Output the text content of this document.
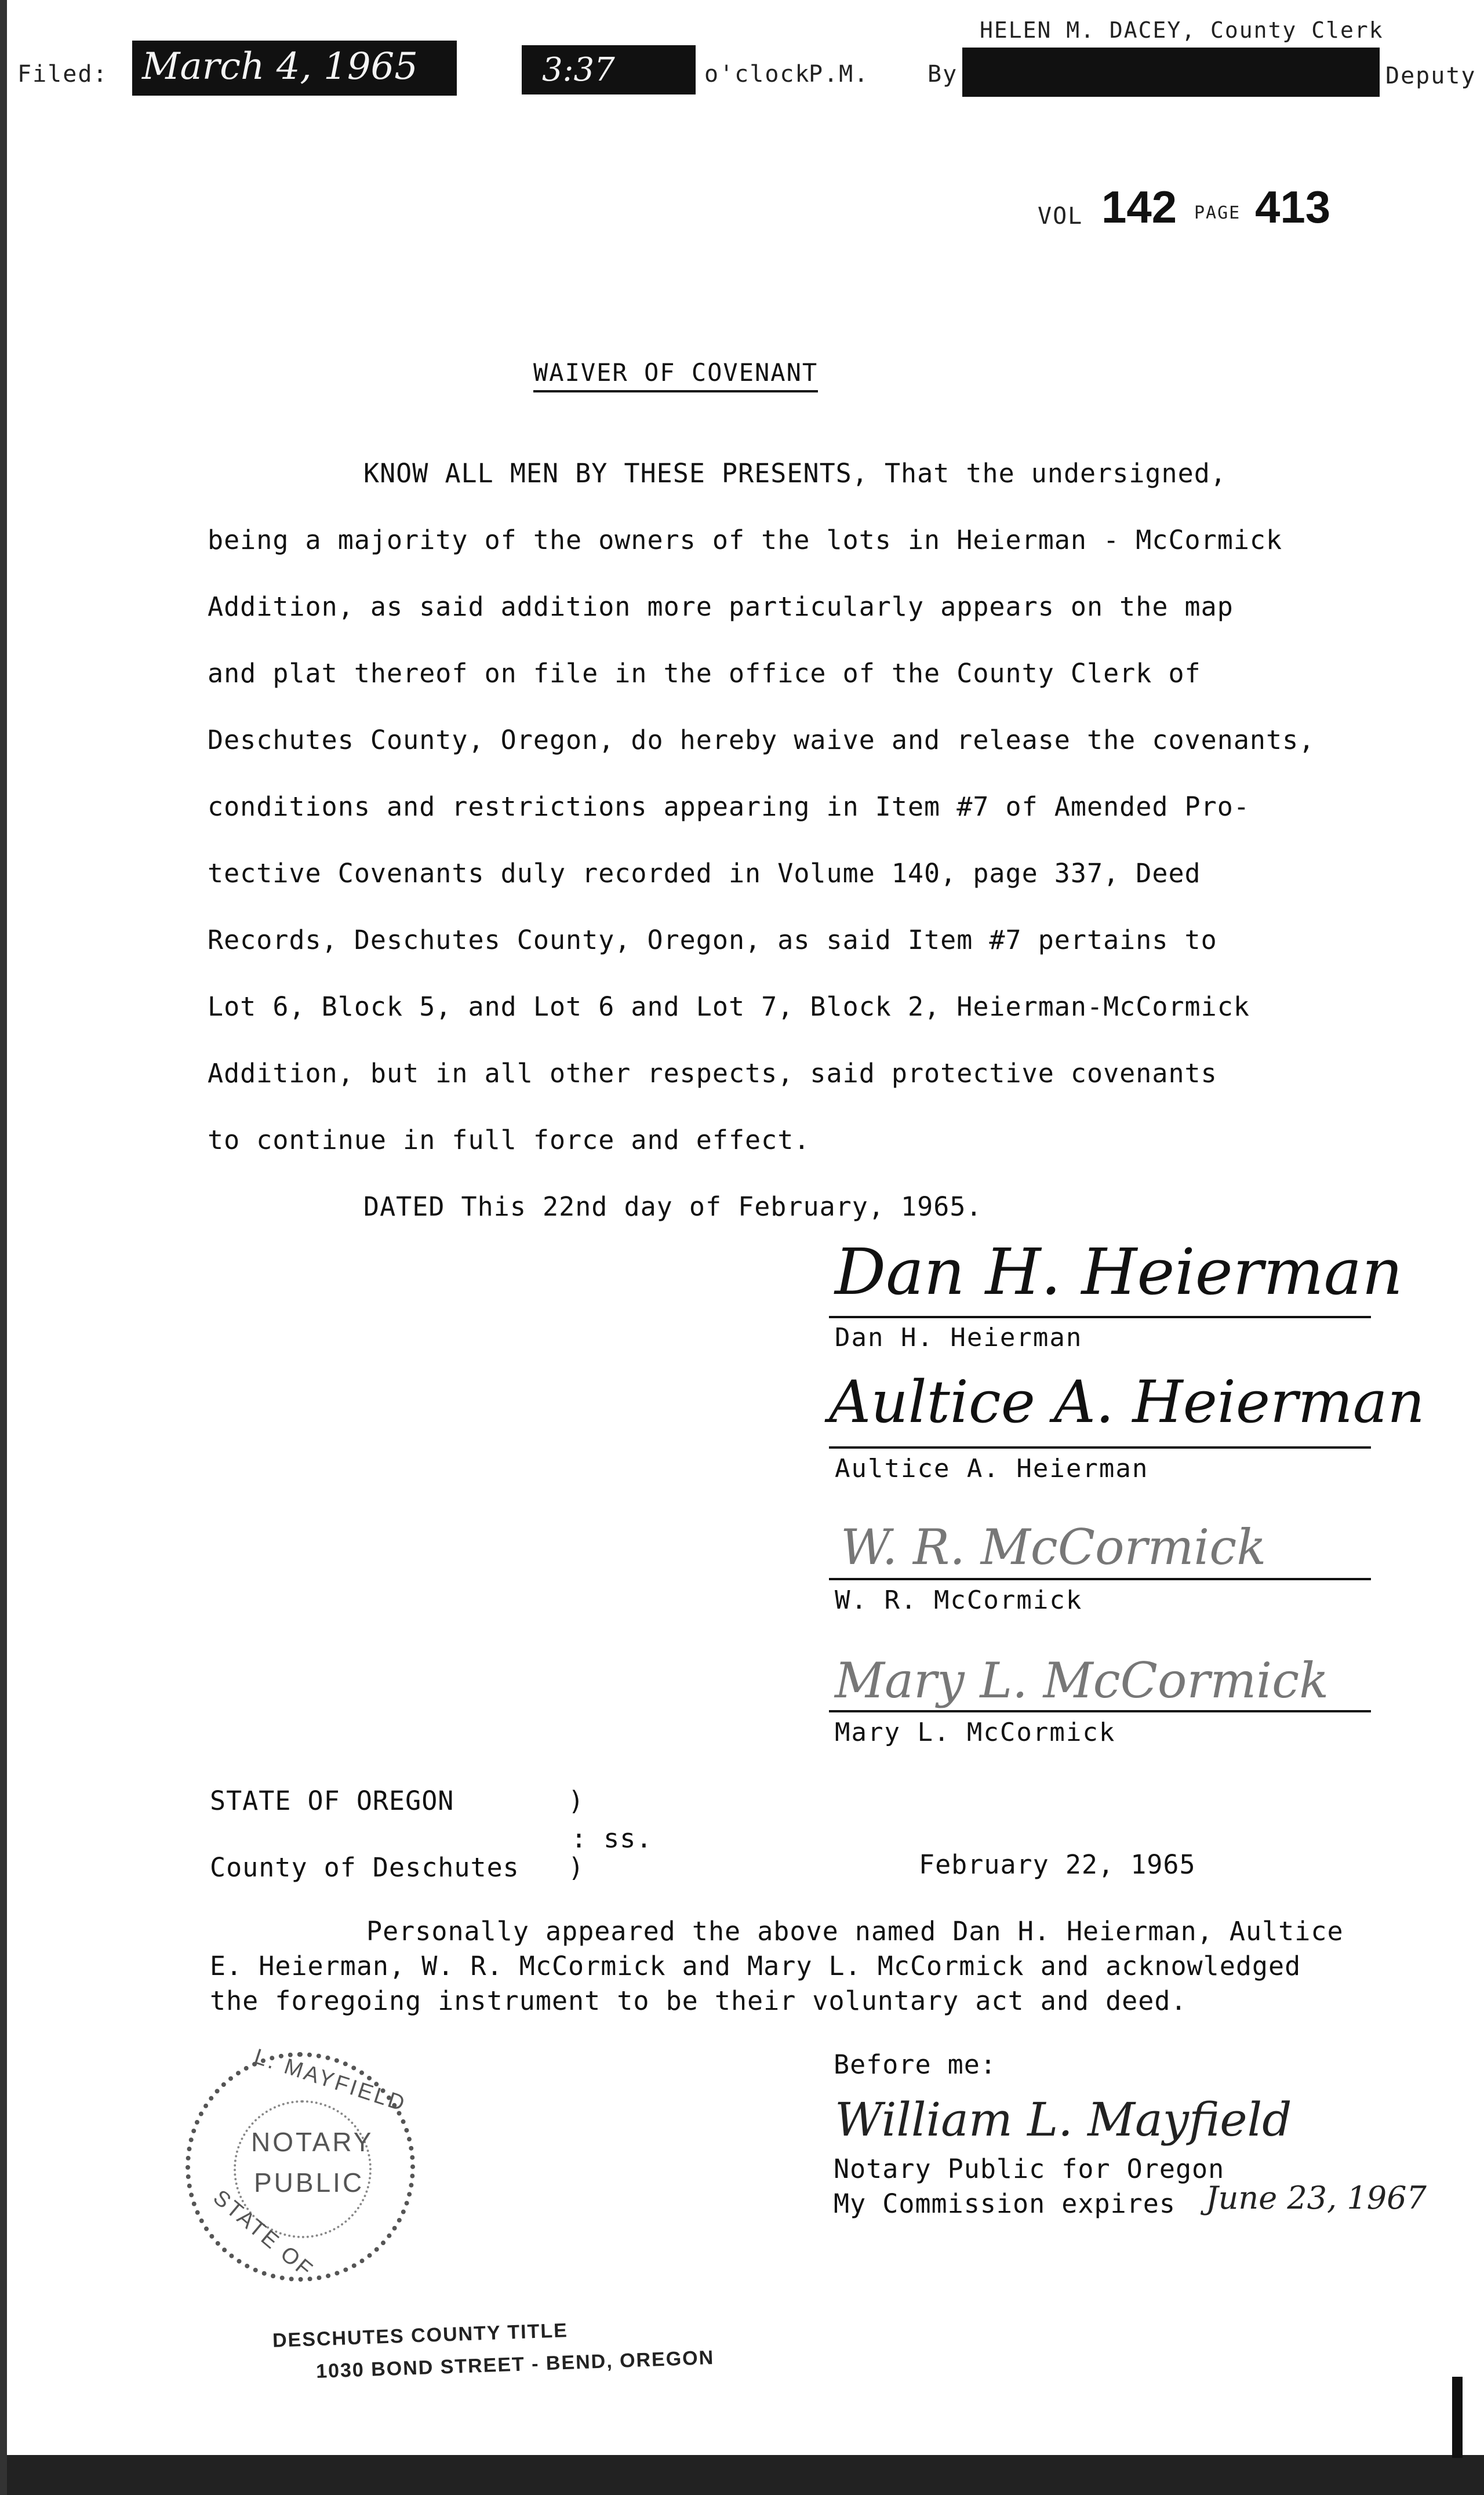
Filed: March 4, 1965	3:37	o'clock
P.M.	By
HELEN M. DACEY, County Clerk
Deputy
VOL 142 PAGE 413
WAIVER OF COVENANT
KNOW ALL MEN BY THESE PRESENTS, That the undersigned,
being a majority of the owners of the lots in Heierman - McCormick
Addition, as said addition more particularly appears on the map
and plat thereof on file in the office of the County Clerk of
Deschutes County, Oregon, do hereby waive and release the covenants,
conditions and restrictions appearing in Item #7 of Amended Pro-
tective Covenants duly recorded in Volume 140, page 337, Deed
Records, Deschutes County, Oregon, as said Item #7 pertains to
Lot 6, Block 5, and Lot 6 and Lot 7, Block 2, Heierman-McCormick
Addition, but in all other respects, said protective covenants
to continue in full force and effect.
DATED This 22nd day of February, 1965.
Dan H. Heierman
Dan H. Heierman
Aultice A. Heierman
Aultice A. Heierman
W. R. McCormick
W. R. McCormick
Mary L. McCormick
Mary L. McCormick
STATE OF OREGON	)
: ss.
County of Deschutes )	February 22, 1965
Personally appeared the above named Dan H. Heierman, Aultice
E. Heierman, W. R. McCormick and Mary L. McCormick and acknowledged
the foregoing instrument to be their voluntary act and deed.
Before me:
William L. Mayfield
Notary Public for Oregon
My Commission expires June 23, 1967
L. MAYFIELD
NOTARY
PUBLIC
STATE OF
DESCHUTES COUNTY TITLE
1030 BOND STREET - BEND, OREGON
